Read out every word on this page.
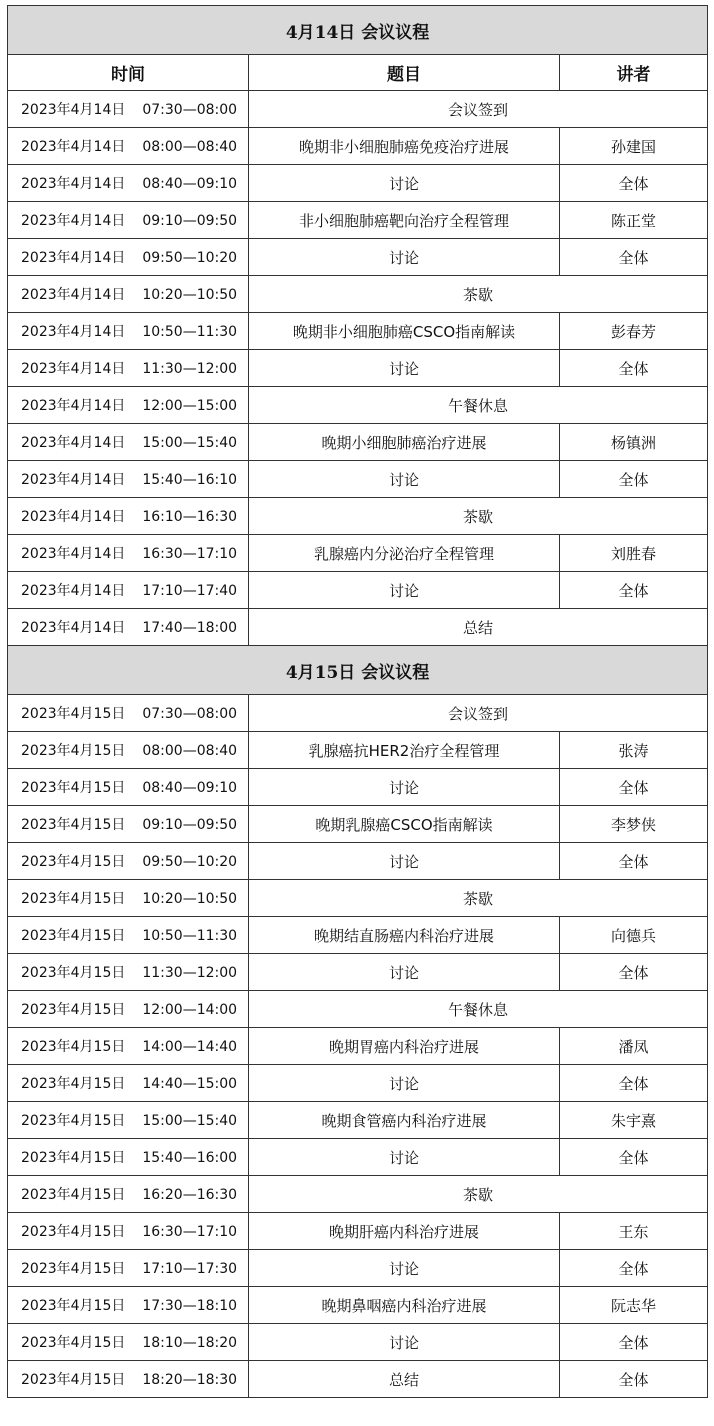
4月14日 会议议程		
时间	题目	讲者
2023年4月14日 07:30—08:00	会议签到	
2023年4月14日 08:00—08:40	晚期非小细胞肺癌免疫治疗进展	孙建国
2023年4月14日 08:40—09:10	讨论	全体
2023年4月14日 09:10—09:50	非小细胞肺癌靶向治疗全程管理	陈正堂
2023年4月14日 09:50—10:20	讨论	全体
2023年4月14日 10:20—10:50	茶歇	
2023年4月14日 10:50—11:30	晚期非小细胞肺癌CSCO指南解读	彭春芳
2023年4月14日 11:30—12:00	讨论	全体
2023年4月14日 12:00—15:00	午餐休息	
2023年4月14日 15:00—15:40	晚期小细胞肺癌治疗进展	杨镇洲
2023年4月14日 15:40—16:10	讨论	全体
2023年4月14日 16:10—16:30	茶歇	
2023年4月14日 16:30—17:10	乳腺癌内分泌治疗全程管理	刘胜春
2023年4月14日 17:10—17:40	讨论	全体
2023年4月14日 17:40—18:00	总结	
4月15日 会议议程		
2023年4月15日 07:30—08:00	会议签到	
2023年4月15日 08:00—08:40	乳腺癌抗HER2治疗全程管理	张涛
2023年4月15日 08:40—09:10	讨论	全体
2023年4月15日 09:10—09:50	晚期乳腺癌CSCO指南解读	李梦侠
2023年4月15日 09:50—10:20	讨论	全体
2023年4月15日 10:20—10:50	茶歇	
2023年4月15日 10:50—11:30	晚期结直肠癌内科治疗进展	向德兵
2023年4月15日 11:30—12:00	讨论	全体
2023年4月15日 12:00—14:00	午餐休息	
2023年4月15日 14:00—14:40	晚期胃癌内科治疗进展	潘凤
2023年4月15日 14:40—15:00	讨论	全体
2023年4月15日 15:00—15:40	晚期食管癌内科治疗进展	朱宇熹
2023年4月15日 15:40—16:00	讨论	全体
2023年4月15日 16:20—16:30	茶歇	
2023年4月15日 16:30—17:10	晚期肝癌内科治疗进展	王东
2023年4月15日 17:10—17:30	讨论	全体
2023年4月15日 17:30—18:10	晚期鼻咽癌内科治疗进展	阮志华
2023年4月15日 18:10—18:20	讨论	全体
2023年4月15日 18:20—18:30	总结	全体
